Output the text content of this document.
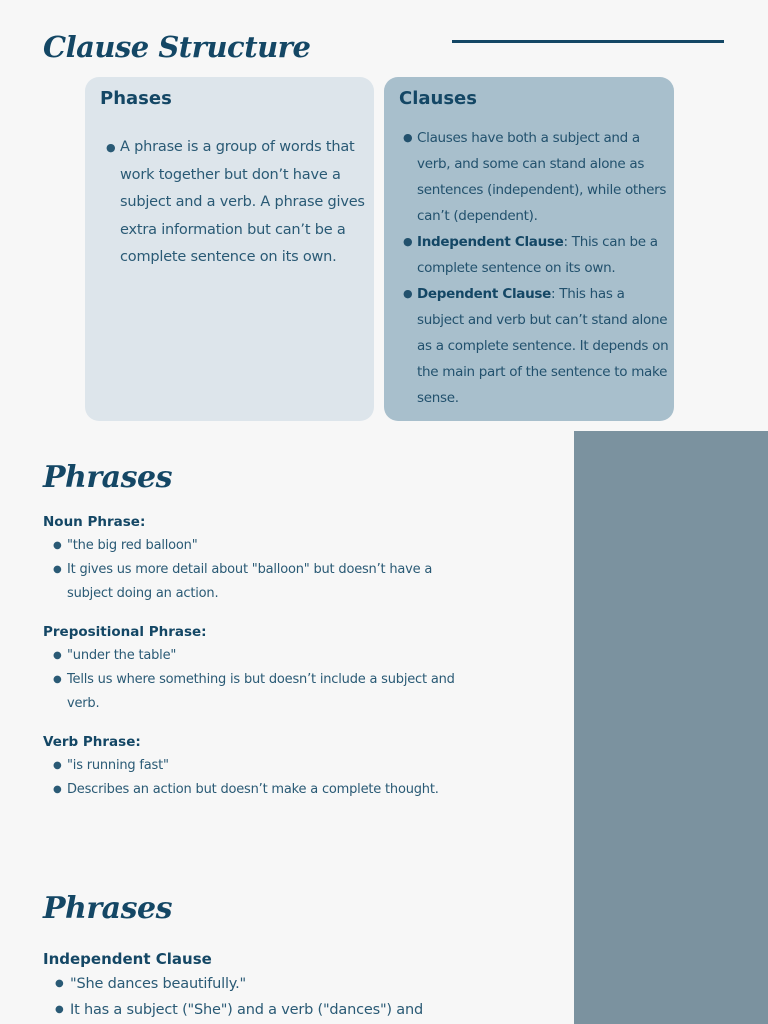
Clause Structure
Phases
● A phrase is a group of words that work together but don’t have a subject and a verb. A phrase gives extra information but can’t be a complete sentence on its own.
Clauses
● Clauses have both a subject and a verb, and some can stand alone as sentences (independent), while others can’t (dependent).
● Independent Clause: This can be a complete sentence on its own.
● Dependent Clause: This has a subject and verb but can’t stand alone as a complete sentence. It depends on the main part of the sentence to make sense.
Phrases
Noun Phrase:
● "the big red balloon"
● It gives us more detail about "balloon" but doesn’t have a subject doing an action.
Prepositional Phrase:
● "under the table"
● Tells us where something is but doesn’t include a subject and verb.
Verb Phrase:
● "is running fast"
● Describes an action but doesn’t make a complete thought.
Phrases
Independent Clause
● "She dances beautifully."
● It has a subject ("She") and a verb ("dances") and
